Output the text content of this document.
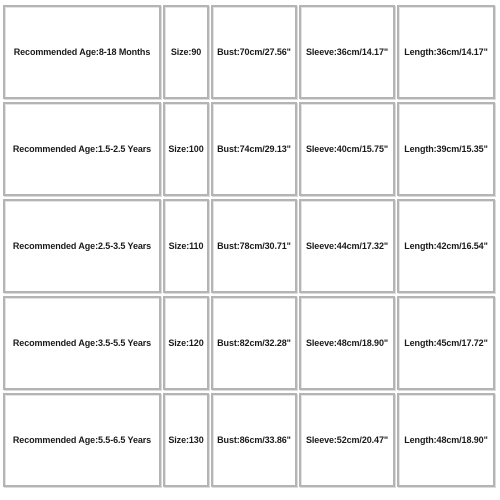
Recommended Age:8-18 Months	Size:90	Bust:70cm/27.56"	Sleeve:36cm/14.17"	Length:36cm/14.17"
Recommended Age:1.5-2.5 Years	Size:100	Bust:74cm/29.13"	Sleeve:40cm/15.75"	Length:39cm/15.35"
Recommended Age:2.5-3.5 Years	Size:110	Bust:78cm/30.71"	Sleeve:44cm/17.32"	Length:42cm/16.54"
Recommended Age:3.5-5.5 Years	Size:120	Bust:82cm/32.28"	Sleeve:48cm/18.90"	Length:45cm/17.72"
Recommended Age:5.5-6.5 Years	Size:130	Bust:86cm/33.86"	Sleeve:52cm/20.47"	Length:48cm/18.90"
